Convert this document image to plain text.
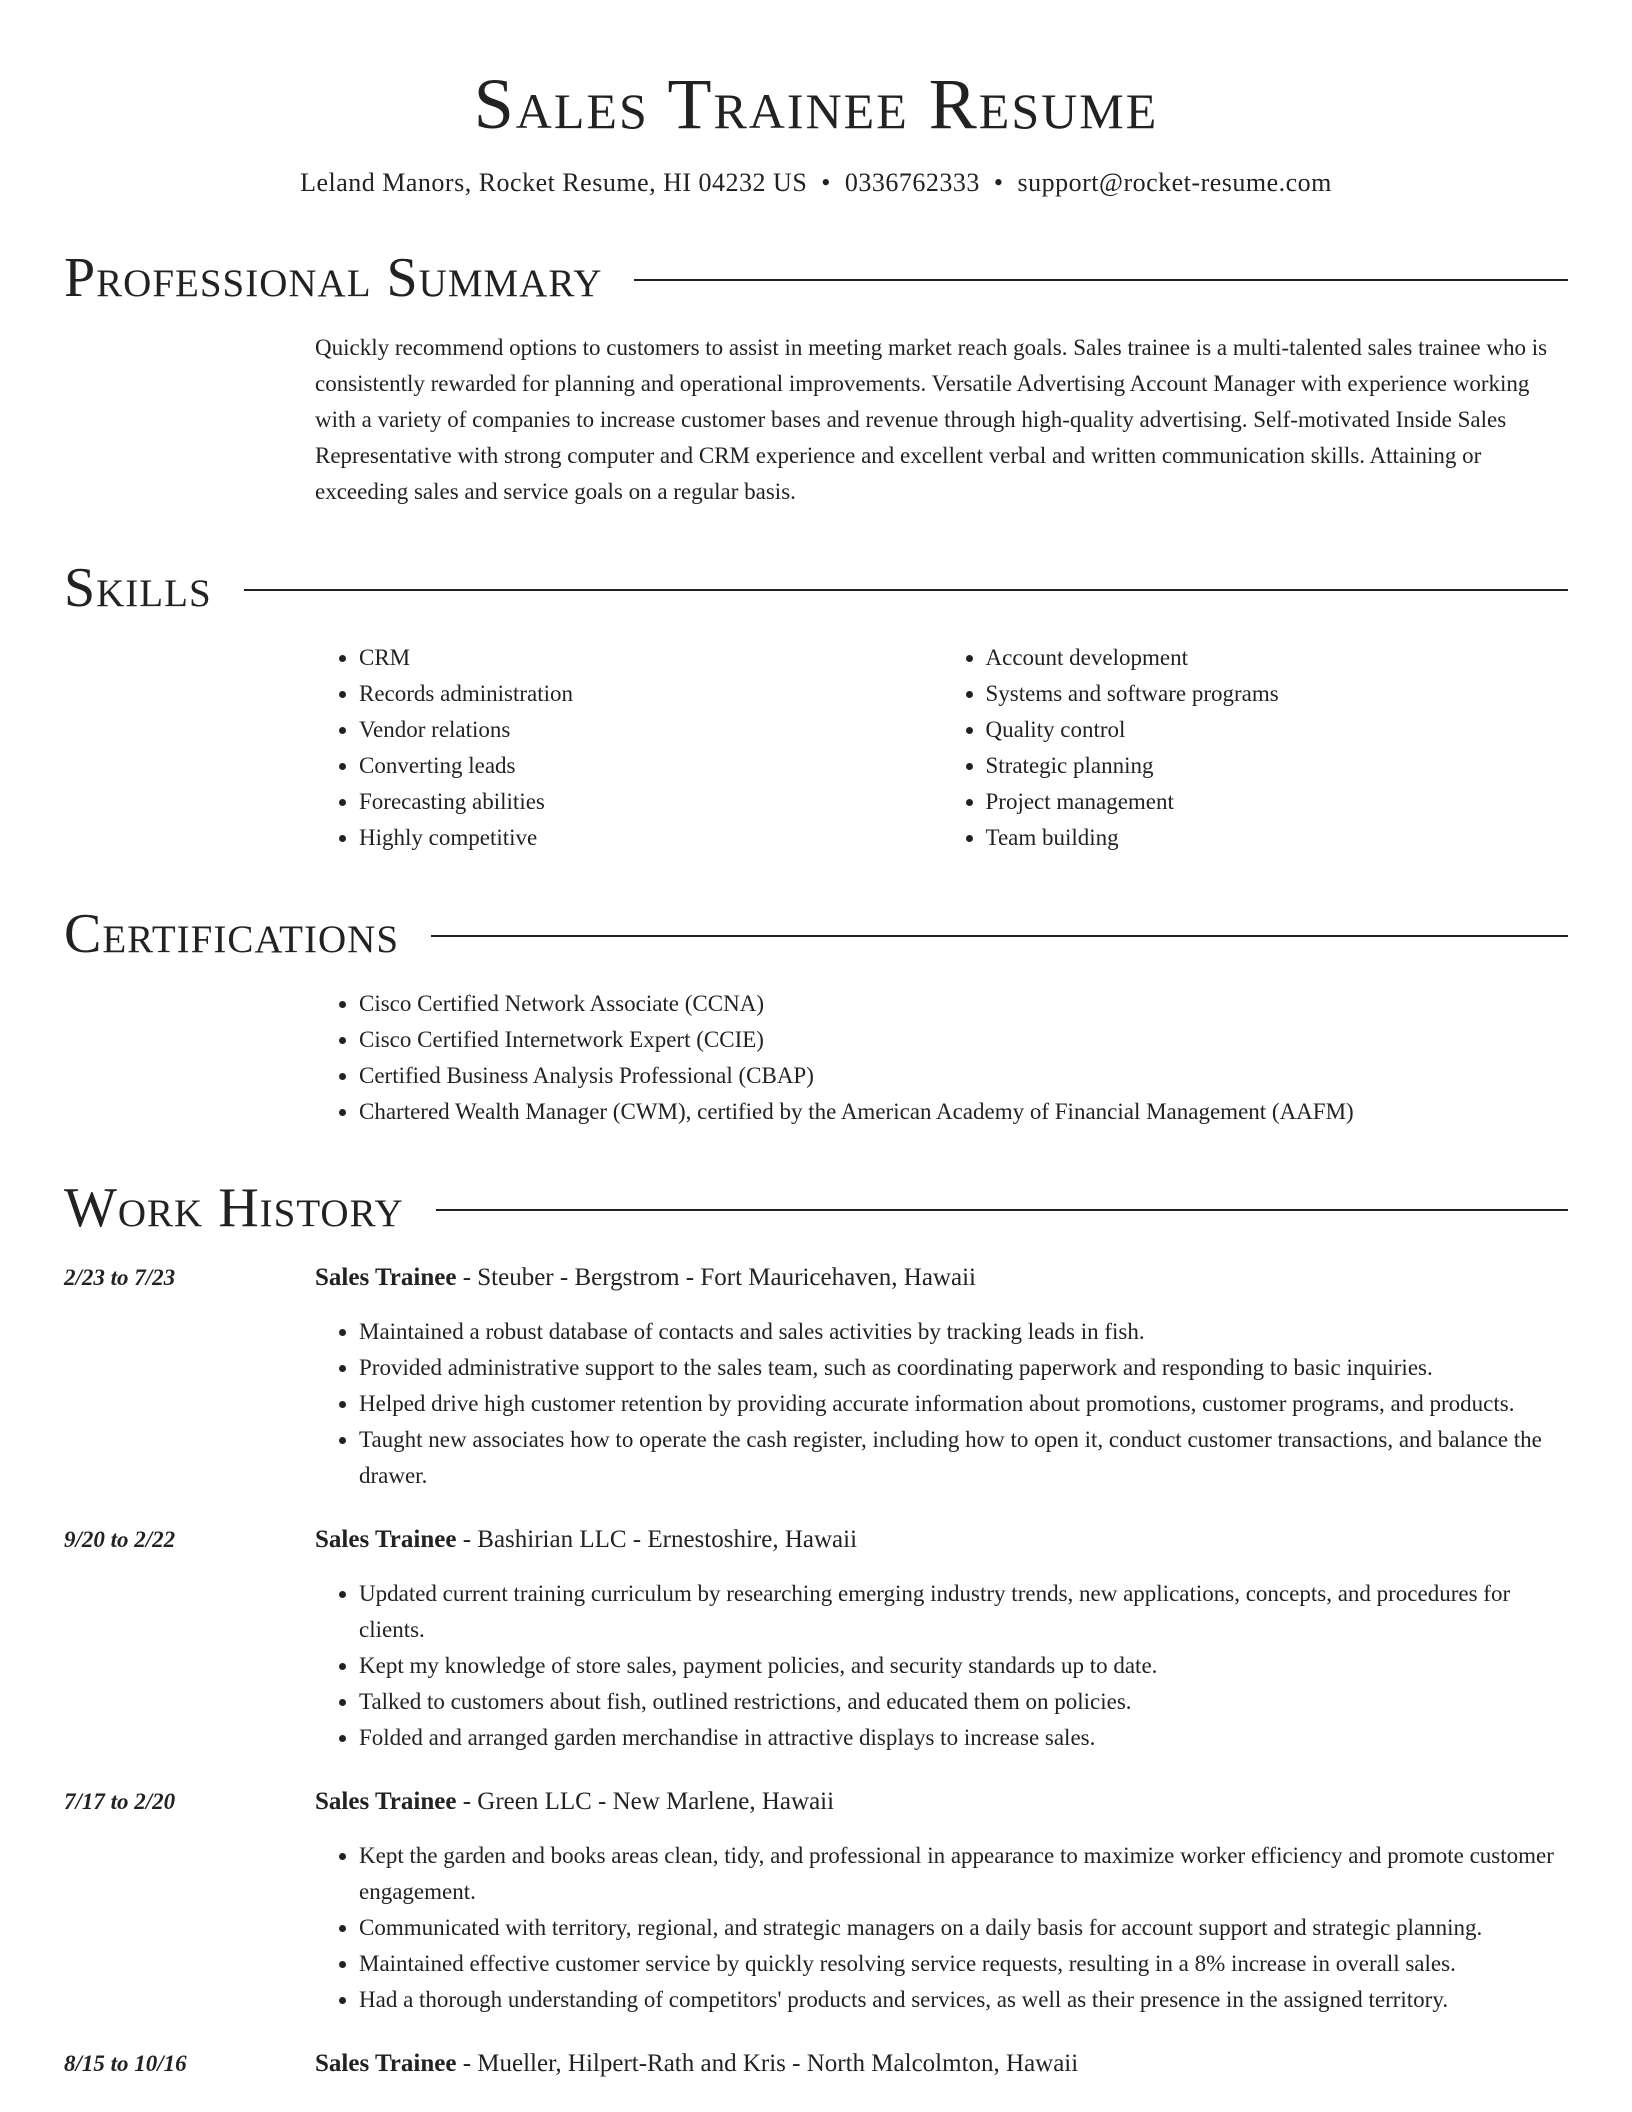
Sales Trainee Resume
Leland Manors, Rocket Resume, HI 04232 US • 0336762333 • support@rocket-resume.com
Professional Summary
Quickly recommend options to customers to assist in meeting market reach goals. Sales trainee is a multi-talented sales trainee who is consistently rewarded for planning and operational improvements. Versatile Advertising Account Manager with experience working with a variety of companies to increase customer bases and revenue through high-quality advertising. Self-motivated Inside Sales Representative with strong computer and CRM experience and excellent verbal and written communication skills. Attaining or exceeding sales and service goals on a regular basis.
Skills
• CRM
• Records administration
• Vendor relations
• Converting leads
• Forecasting abilities
• Highly competitive
• Account development
• Systems and software programs
• Quality control
• Strategic planning
• Project management
• Team building
Certifications
• Cisco Certified Network Associate (CCNA)
• Cisco Certified Internetwork Expert (CCIE)
• Certified Business Analysis Professional (CBAP)
• Chartered Wealth Manager (CWM), certified by the American Academy of Financial Management (AAFM)
Work History
2/23 to 7/23	Sales Trainee - Steuber - Bergstrom - Fort Mauricehaven, Hawaii
• Maintained a robust database of contacts and sales activities by tracking leads in fish.
• Provided administrative support to the sales team, such as coordinating paperwork and responding to basic inquiries.
• Helped drive high customer retention by providing accurate information about promotions, customer programs, and products.
• Taught new associates how to operate the cash register, including how to open it, conduct customer transactions, and balance the drawer.
9/20 to 2/22	Sales Trainee - Bashirian LLC - Ernestoshire, Hawaii
• Updated current training curriculum by researching emerging industry trends, new applications, concepts, and procedures for clients.
• Kept my knowledge of store sales, payment policies, and security standards up to date.
• Talked to customers about fish, outlined restrictions, and educated them on policies.
• Folded and arranged garden merchandise in attractive displays to increase sales.
7/17 to 2/20	Sales Trainee - Green LLC - New Marlene, Hawaii
• Kept the garden and books areas clean, tidy, and professional in appearance to maximize worker efficiency and promote customer engagement.
• Communicated with territory, regional, and strategic managers on a daily basis for account support and strategic planning.
• Maintained effective customer service by quickly resolving service requests, resulting in a 8% increase in overall sales.
• Had a thorough understanding of competitors' products and services, as well as their presence in the assigned territory.
8/15 to 10/16	Sales Trainee - Mueller, Hilpert-Rath and Kris - North Malcolmton, Hawaii
